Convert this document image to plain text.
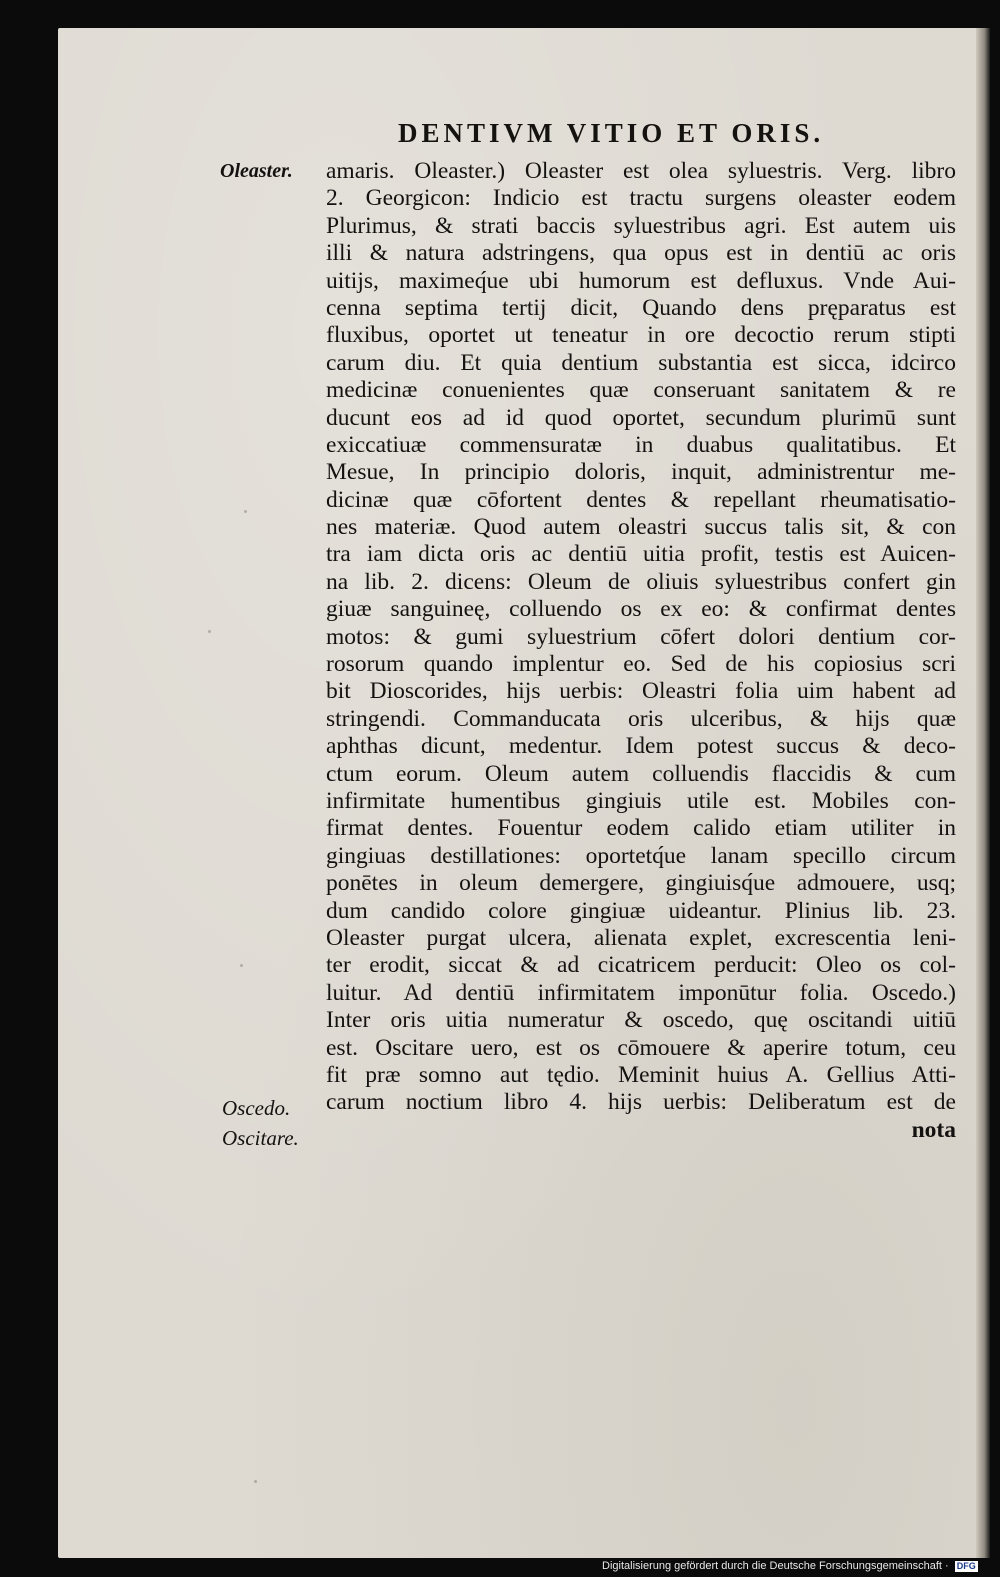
DENTIVM VITIO ET ORIS.
Oleaster.
Oscedo.
Oscitare.
amaris. Oleaster.) Oleaster est olea syluestris. Verg. libro
2. Georgicon: Indicio est tractu surgens oleaster eodem
Plurimus, & strati baccis syluestribus agri. Est autem uis
illi & natura adstringens, qua opus est in dentiū ac oris
uitijs, maximeq́ue ubi humorum est defluxus. Vnde Aui-
cenna septima tertij dicit, Quando dens pręparatus est
fluxibus, oportet ut teneatur in ore decoctio rerum stipti
carum diu. Et quia dentium substantia est sicca, idcirco
medicinæ conuenientes quæ conseruant sanitatem & re
ducunt eos ad id quod oportet, secundum plurimū sunt
exiccatiuæ commensuratæ in duabus qualitatibus. Et
Mesue, In principio doloris, inquit, administrentur me-
dicinæ quæ cōfortent dentes & repellant rheumatisatio-
nes materiæ. Quod autem oleastri succus talis sit, & con
tra iam dicta oris ac dentiū uitia profit, testis est Auicen-
na lib. 2. dicens: Oleum de oliuis syluestribus confert gin
giuæ sanguineę, colluendo os ex eo: & confirmat dentes
motos: & gumi syluestrium cōfert dolori dentium cor-
rosorum quando implentur eo. Sed de his copiosius scri
bit Dioscorides, hijs uerbis: Oleastri folia uim habent ad
stringendi. Commanducata oris ulceribus, & hijs quæ
aphthas dicunt, medentur. Idem potest succus & deco-
ctum eorum. Oleum autem colluendis flaccidis & cum
infirmitate humentibus gingiuis utile est. Mobiles con-
firmat dentes. Fouentur eodem calido etiam utiliter in
gingiuas destillationes: oportetq́ue lanam specillo circum
ponētes in oleum demergere, gingiuisq́ue admouere, usq;
dum candido colore gingiuæ uideantur. Plinius lib. 23.
Oleaster purgat ulcera, alienata explet, excrescentia leni-
ter erodit, siccat & ad cicatricem perducit: Oleo os col-
luitur. Ad dentiū infirmitatem imponūtur folia. Oscedo.)
Inter oris uitia numeratur & oscedo, quę oscitandi uitiū
est. Oscitare uero, est os cōmouere & aperire totum, ceu
fit præ somno aut tędio. Meminit huius A. Gellius Atti-
carum noctium libro 4. hijs uerbis: Deliberatum est de
nota
Digitalisierung gefördert durch die Deutsche Forschungsgemeinschaft · DFG
